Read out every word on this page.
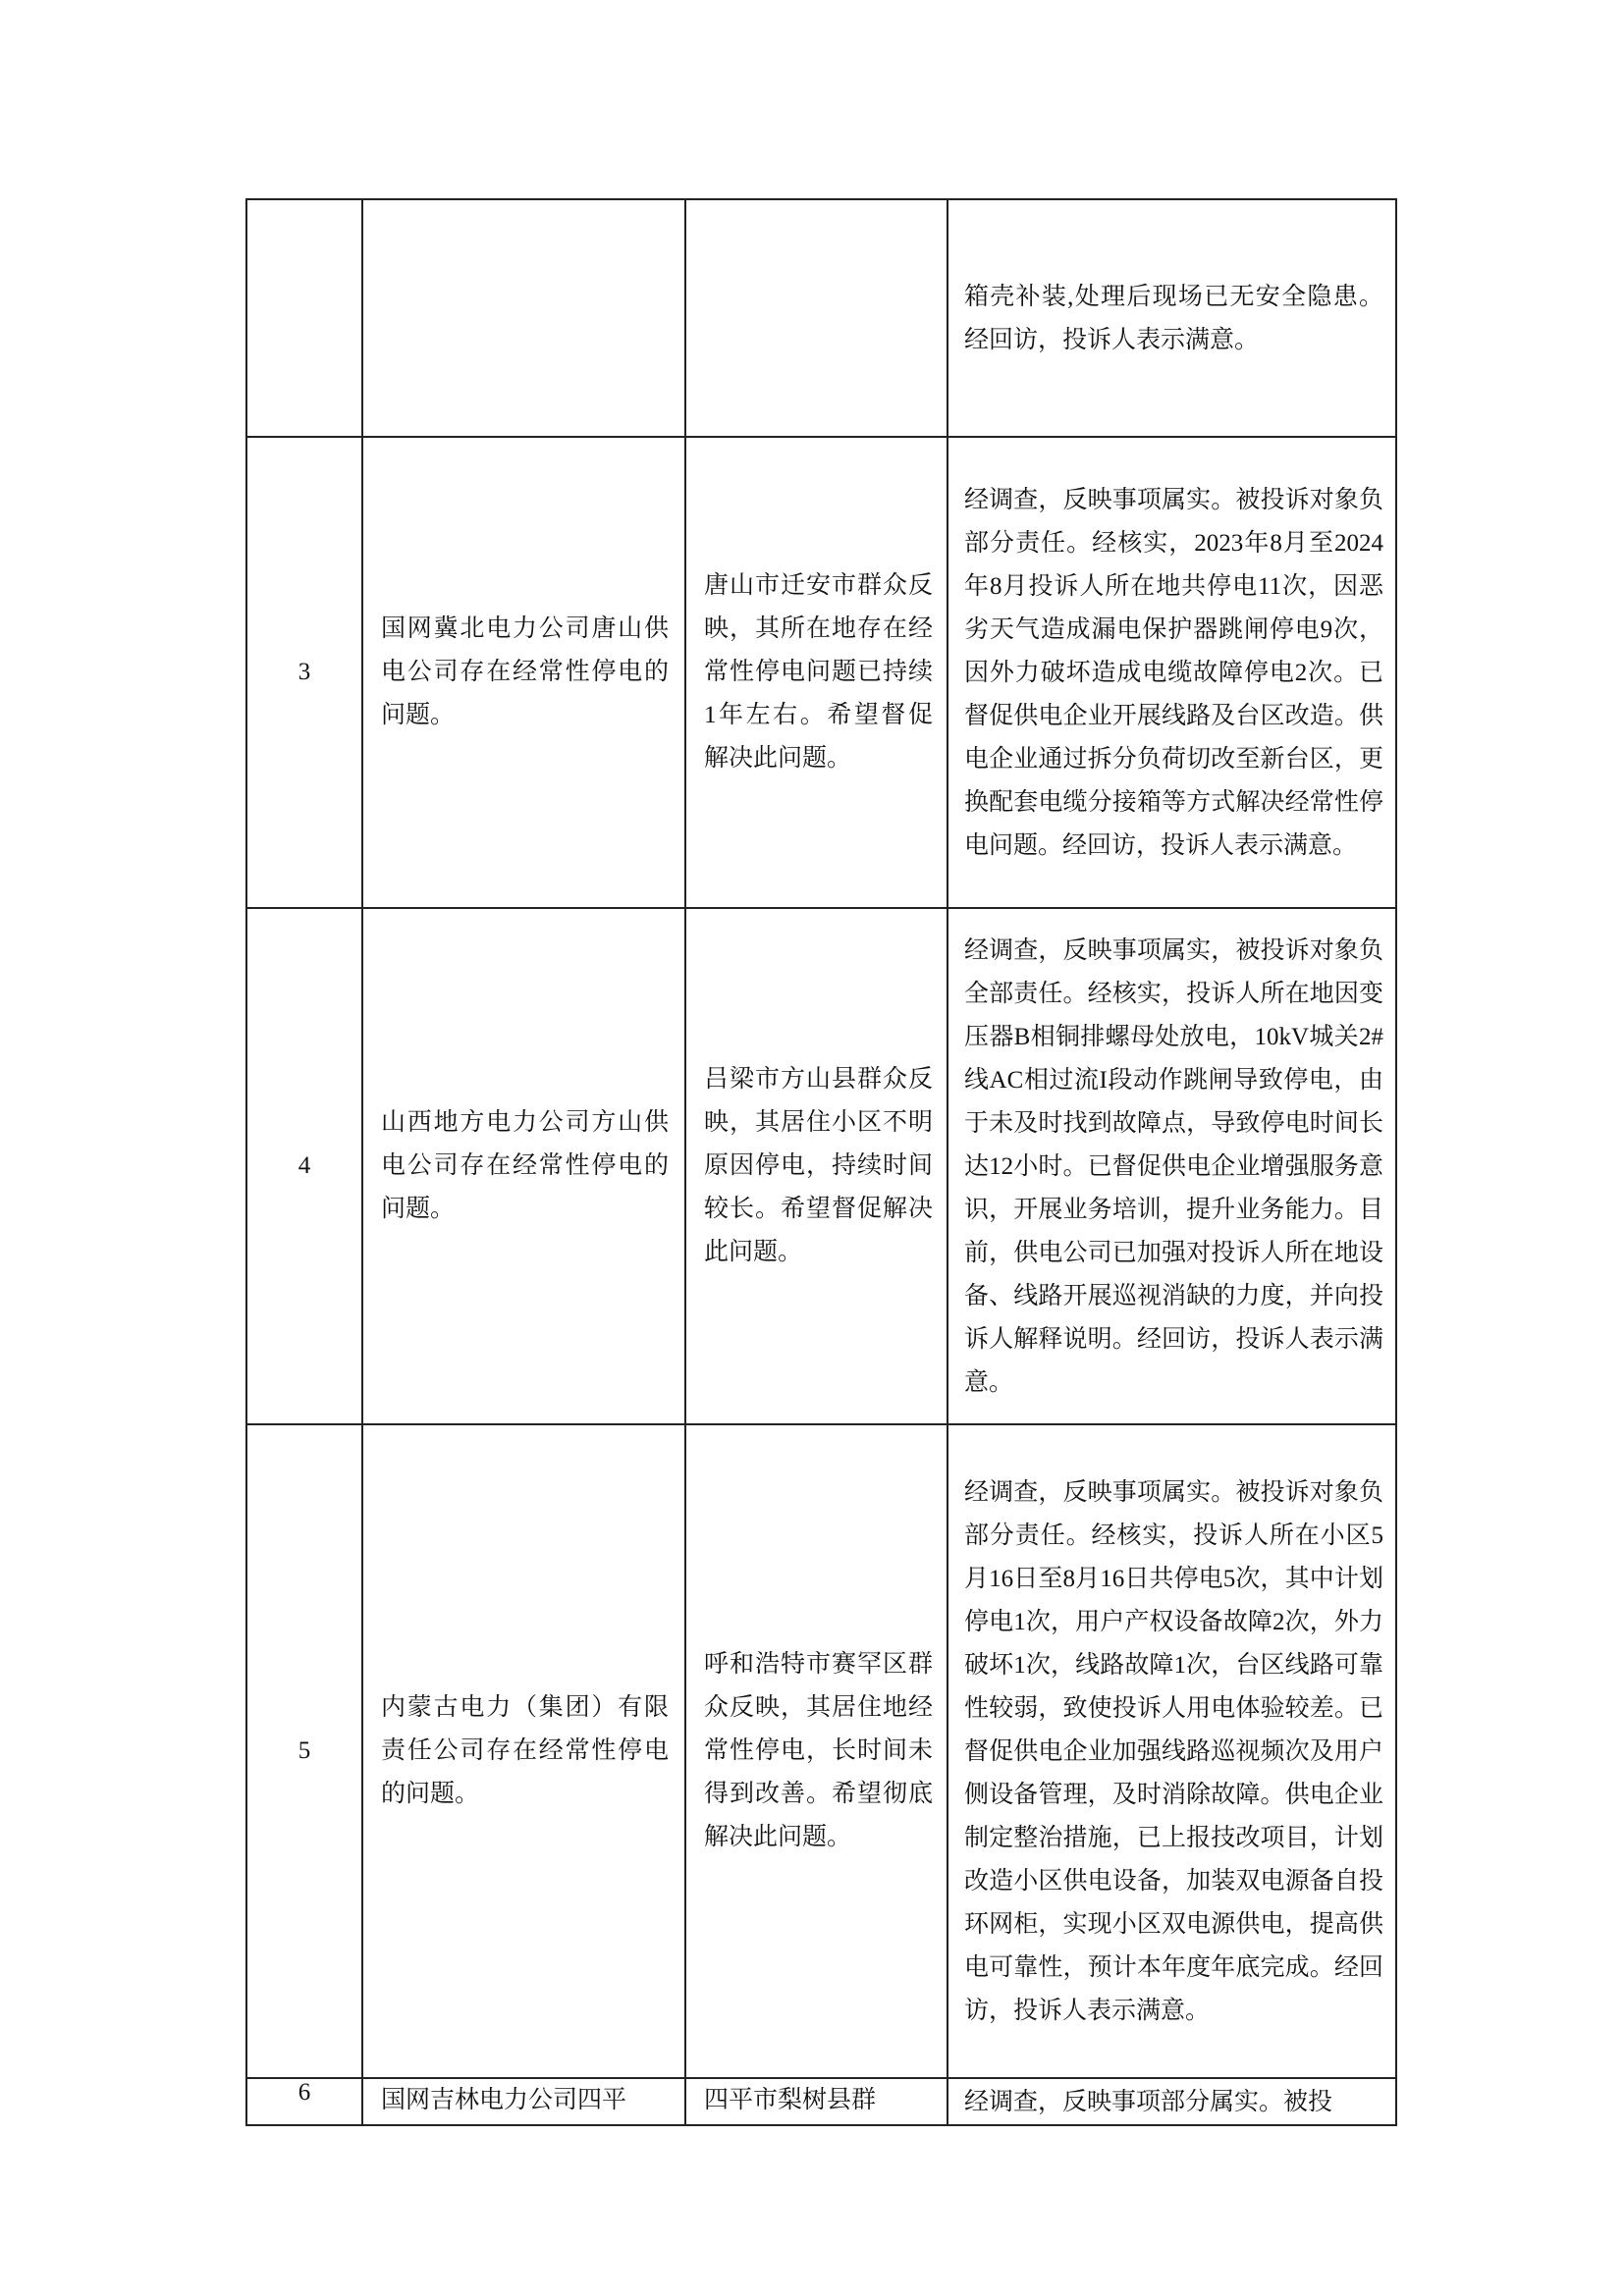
			箱壳补装,处理后现场已无安全隐患。经回访，投诉人表示满意。

3	国网冀北电力公司唐山供电公司存在经常性停电的问题。	唐山市迁安市群众反映，其所在地存在经常性停电问题已持续1年左右。希望督促解决此问题。	经调查，反映事项属实。被投诉对象负部分责任。经核实，2023年8月至2024年8月投诉人所在地共停电11次，因恶劣天气造成漏电保护器跳闸停电9次，因外力破坏造成电缆故障停电2次。已督促供电企业开展线路及台区改造。供电企业通过拆分负荷切改至新台区，更换配套电缆分接箱等方式解决经常性停电问题。经回访，投诉人表示满意。

4	山西地方电力公司方山供电公司存在经常性停电的问题。	吕梁市方山县群众反映，其居住小区不明原因停电，持续时间较长。希望督促解决此问题。	经调查，反映事项属实，被投诉对象负全部责任。经核实，投诉人所在地因变压器B相铜排螺母处放电，10kV城关2#线AC相过流I段动作跳闸导致停电，由于未及时找到故障点，导致停电时间长达12小时。已督促供电企业增强服务意识，开展业务培训，提升业务能力。目前，供电公司已加强对投诉人所在地设备、线路开展巡视消缺的力度，并向投诉人解释说明。经回访，投诉人表示满意。

5	内蒙古电力（集团）有限责任公司存在经常性停电的问题。	呼和浩特市赛罕区群众反映，其居住地经常性停电，长时间未得到改善。希望彻底解决此问题。	经调查，反映事项属实。被投诉对象负部分责任。经核实，投诉人所在小区5月16日至8月16日共停电5次，其中计划停电1次，用户产权设备故障2次，外力破坏1次，线路故障1次，台区线路可靠性较弱，致使投诉人用电体验较差。已督促供电企业加强线路巡视频次及用户侧设备管理，及时消除故障。供电企业制定整治措施，已上报技改项目，计划改造小区供电设备，加装双电源备自投环网柜，实现小区双电源供电，提高供电可靠性，预计本年度年底完成。经回访，投诉人表示满意。

6	国网吉林电力公司四平	四平市梨树县群	经调查，反映事项部分属实。被投
